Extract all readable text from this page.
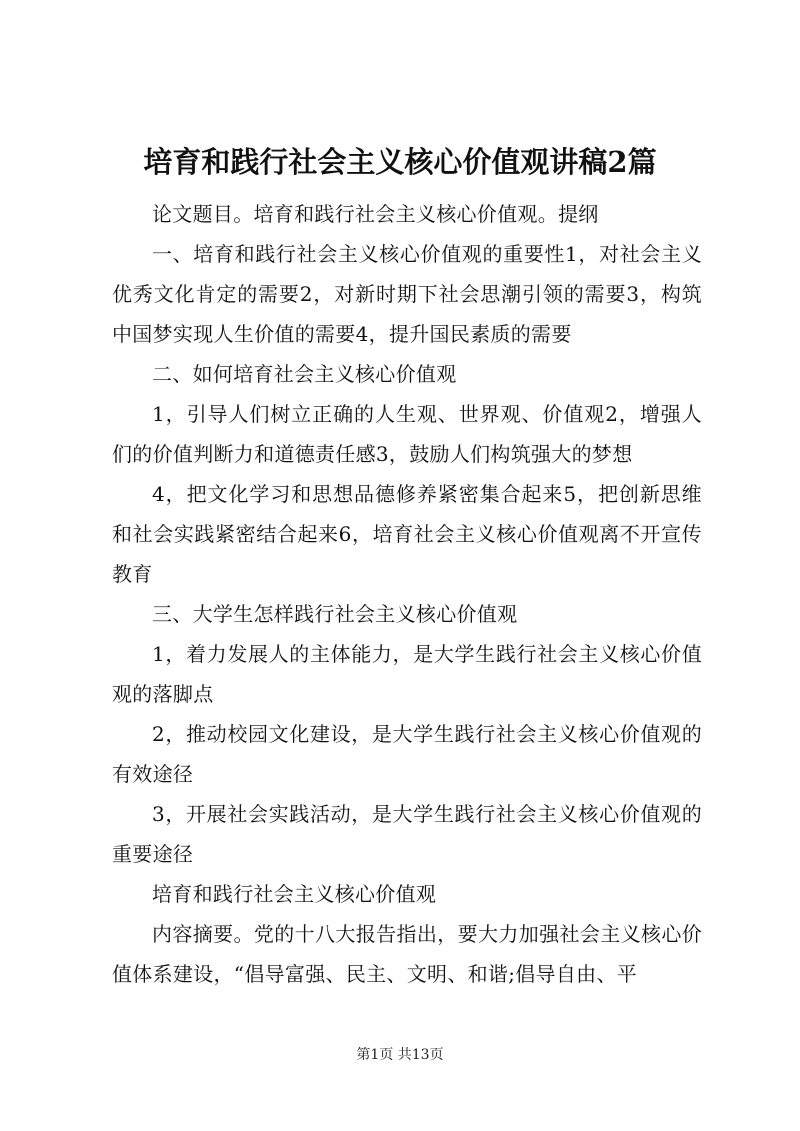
培育和践行社会主义核心价值观讲稿2篇

论文题目。培育和践行社会主义核心价值观。提纲

一、培育和践行社会主义核心价值观的重要性1，对社会主义优秀文化肯定的需要2，对新时期下社会思潮引领的需要3，构筑中国梦实现人生价值的需要4，提升国民素质的需要

二、如何培育社会主义核心价值观

1，引导人们树立正确的人生观、世界观、价值观2，增强人们的价值判断力和道德责任感3，鼓励人们构筑强大的梦想

4，把文化学习和思想品德修养紧密集合起来5，把创新思维和社会实践紧密结合起来6，培育社会主义核心价值观离不开宣传教育

三、大学生怎样践行社会主义核心价值观

1，着力发展人的主体能力，是大学生践行社会主义核心价值观的落脚点

2，推动校园文化建设，是大学生践行社会主义核心价值观的有效途径

3，开展社会实践活动，是大学生践行社会主义核心价值观的重要途径

培育和践行社会主义核心价值观

内容摘要。党的十八大报告指出，要大力加强社会主义核心价值体系建设，“倡导富强、民主、文明、和谐;倡导自由、平

第1页 共13页
